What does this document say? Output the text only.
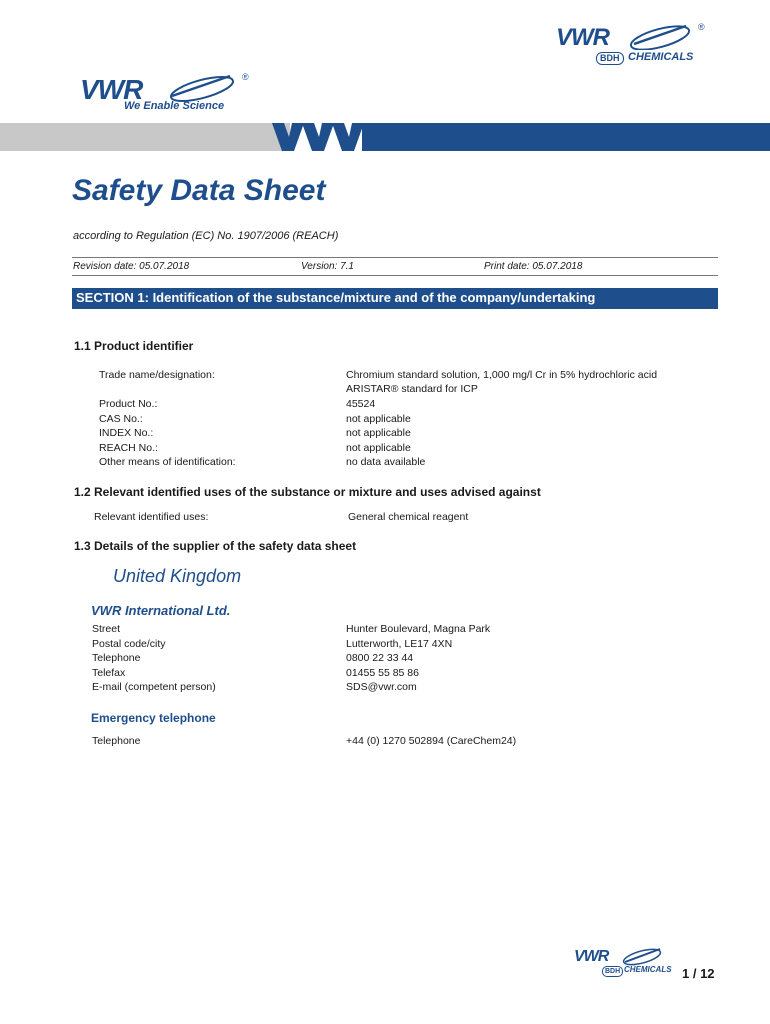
VWR	®
BDH CHEMICALS
VWR	®
We Enable Science
Safety Data Sheet
according to Regulation (EC) No. 1907/2006 (REACH)
Revision date: 05.07.2018	Version: 7.1	Print date: 05.07.2018
SECTION 1: Identification of the substance/mixture and of the company/undertaking
1.1 Product identifier
Trade name/designation:	Chromium standard solution, 1,000 mg/l Cr in 5% hydrochloric acid
ARISTAR® standard for ICP
Product No.:	45524
CAS No.:	not applicable
INDEX No.:	not applicable
REACH No.:	not applicable
Other means of identification:	no data available
1.2 Relevant identified uses of the substance or mixture and uses advised against
Relevant identified uses:	General chemical reagent
1.3 Details of the supplier of the safety data sheet
United Kingdom
VWR International Ltd.
Street	Hunter Boulevard, Magna Park
Postal code/city	Lutterworth, LE17 4XN
Telephone	0800 22 33 44
Telefax	01455 55 85 86
E-mail (competent person)	SDS@vwr.com
Emergency telephone
Telephone	+44 (0) 1270 502894 (CareChem24)
VWR
BDH CHEMICALS 1 / 12
